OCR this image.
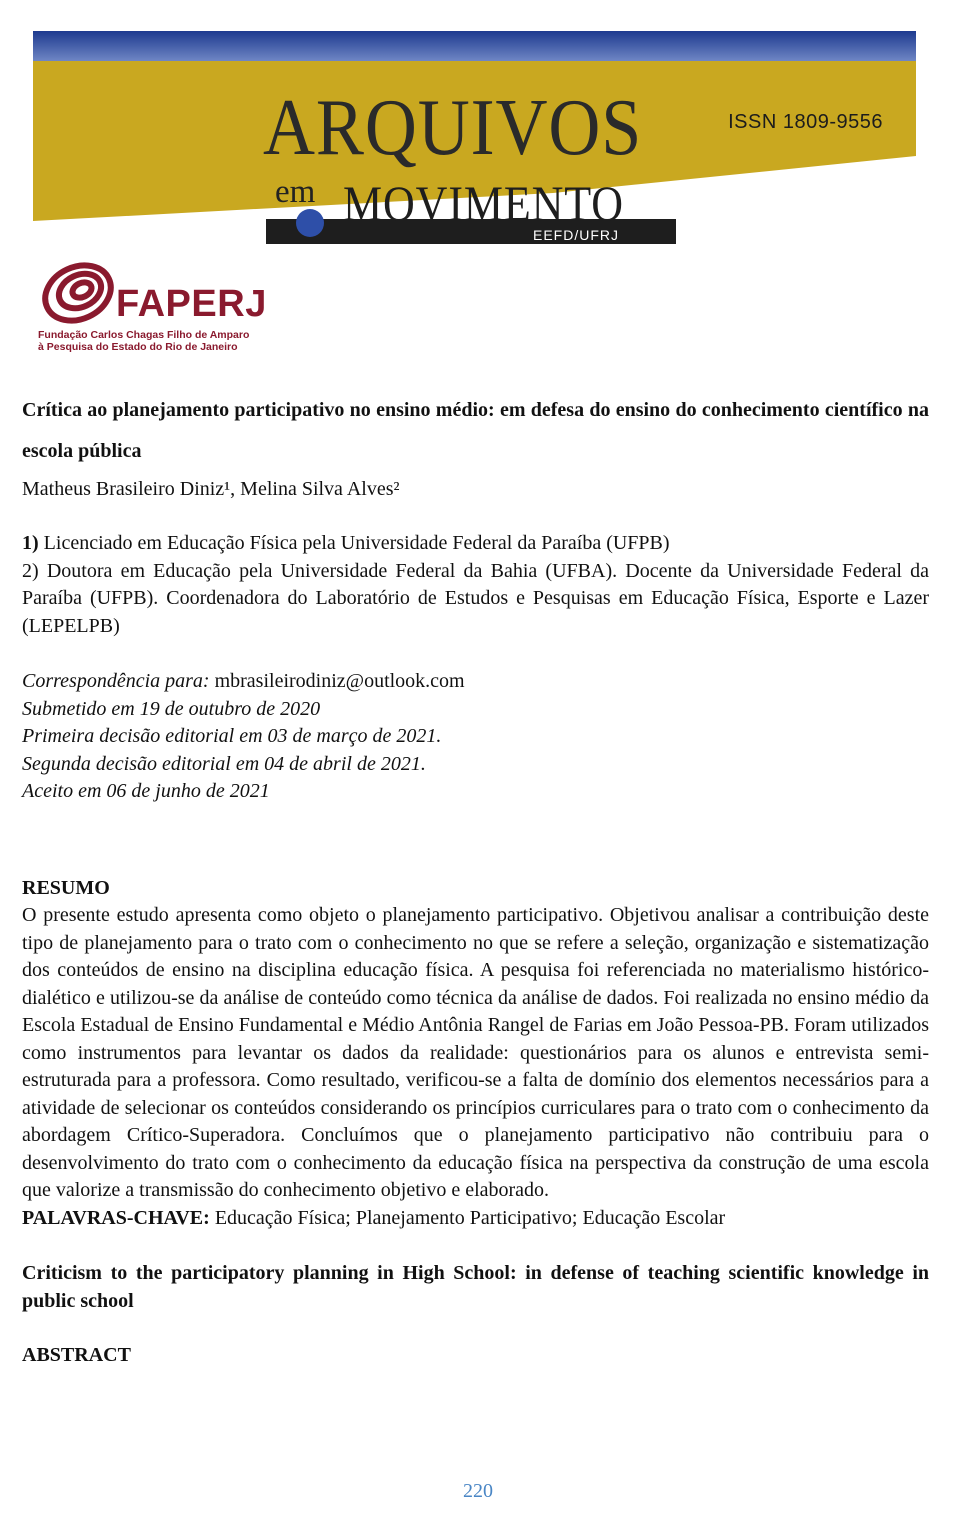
ISSN 1809-9556
ARQUIVOS
em MOVIMENTO
EEFD/UFRJ
FAPERJ
Fundação Carlos Chagas Filho de Amparo
à Pesquisa do Estado do Rio de Janeiro

Crítica ao planejamento participativo no ensino médio: em defesa do ensino do conhecimento científico na escola pública

Matheus Brasileiro Diniz¹, Melina Silva Alves²

1) Licenciado em Educação Física pela Universidade Federal da Paraíba (UFPB)

2) Doutora em Educação pela Universidade Federal da Bahia (UFBA). Docente da Universidade Federal da Paraíba (UFPB). Coordenadora do Laboratório de Estudos e Pesquisas em Educação Física, Esporte e Lazer (LEPELPB)

Correspondência para: mbrasileirodiniz@outlook.com

Submetido em 19 de outubro de 2020

Primeira decisão editorial em 03 de março de 2021.

Segunda decisão editorial em 04 de abril de 2021.

Aceito em 06 de junho de 2021

RESUMO

O presente estudo apresenta como objeto o planejamento participativo. Objetivou analisar a contribuição deste tipo de planejamento para o trato com o conhecimento no que se refere a seleção, organização e sistematização dos conteúdos de ensino na disciplina educação física. A pesquisa foi referenciada no materialismo histórico-dialético e utilizou-se da análise de conteúdo como técnica da análise de dados. Foi realizada no ensino médio da Escola Estadual de Ensino Fundamental e Médio Antônia Rangel de Farias em João Pessoa-PB. Foram utilizados como instrumentos para levantar os dados da realidade: questionários para os alunos e entrevista semi-estruturada para a professora. Como resultado, verificou-se a falta de domínio dos elementos necessários para a atividade de selecionar os conteúdos considerando os princípios curriculares para o trato com o conhecimento da abordagem Crítico-Superadora. Concluímos que o planejamento participativo não contribuiu para o desenvolvimento do trato com o conhecimento da educação física na perspectiva da construção de uma escola que valorize a transmissão do conhecimento objetivo e elaborado.

PALAVRAS-CHAVE: Educação Física; Planejamento Participativo; Educação Escolar

Criticism to the participatory planning in High School: in defense of teaching scientific knowledge in public school
ABSTRACT
220
